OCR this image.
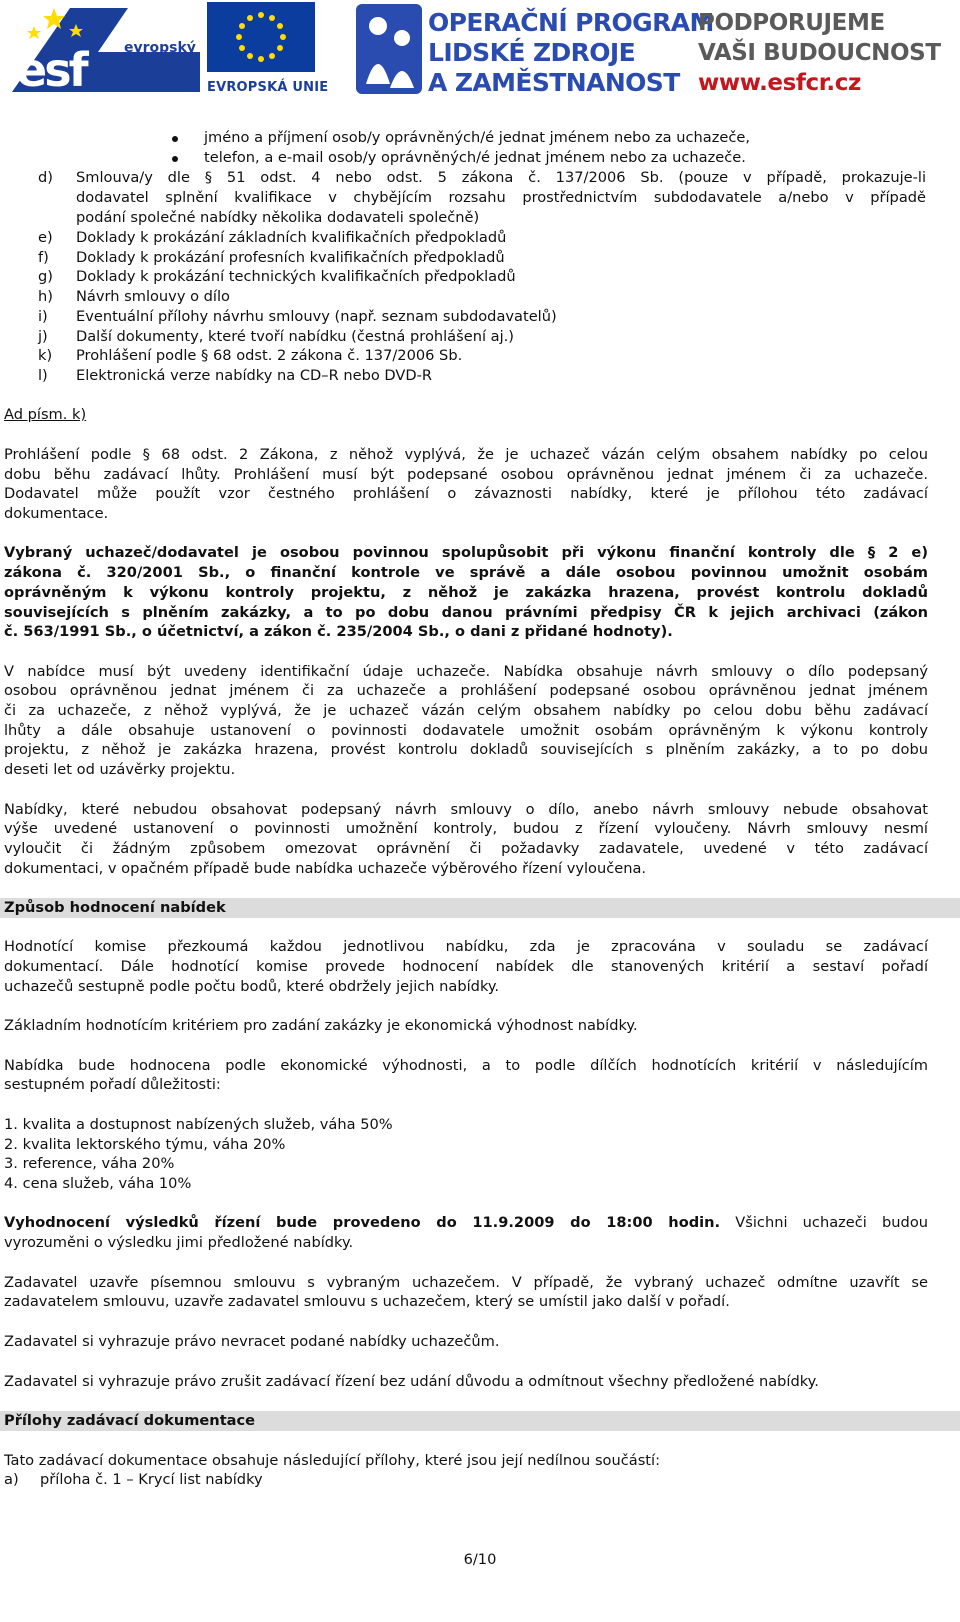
esf	evropský
sociální
fond v ČR	EVROPSKÁ UNIE
OPERAČNÍ PROGRAM
LIDSKÉ ZDROJE
A ZAMĚSTNANOST
PODPORUJEME
VAŠI BUDOUCNOST
www.esfcr.cz
jméno a příjmení osob/y oprávněných/é jednat jménem nebo za uchazeče,
telefon, a e-mail osob/y oprávněných/é jednat jménem nebo za uchazeče.
d) Smlouva/y dle § 51 odst. 4 nebo odst. 5 zákona č. 137/2006 Sb. (pouze v případě, prokazuje-li
dodavatel splnění kvalifikace v chybějícím rozsahu prostřednictvím subdodavatele a/nebo v případě
podání společné nabídky několika dodavateli společně)
e) Doklady k prokázání základních kvalifikačních předpokladů
f) Doklady k prokázání profesních kvalifikačních předpokladů
g) Doklady k prokázání technických kvalifikačních předpokladů
h) Návrh smlouvy o dílo
i) Eventuální přílohy návrhu smlouvy (např. seznam subdodavatelů)
j) Další dokumenty, které tvoří nabídku (čestná prohlášení aj.)
k) Prohlášení podle § 68 odst. 2 zákona č. 137/2006 Sb.
l) Elektronická verze nabídky na CD–R nebo DVD-R
Ad písm. k)
Prohlášení podle § 68 odst. 2 Zákona, z něhož vyplývá, že je uchazeč vázán celým obsahem nabídky po celou
dobu běhu zadávací lhůty. Prohlášení musí být podepsané osobou oprávněnou jednat jménem či za uchazeče.
Dodavatel může použít vzor čestného prohlášení o závaznosti nabídky, které je přílohou této zadávací
dokumentace.
Vybraný uchazeč/dodavatel je osobou povinnou spolupůsobit při výkonu finanční kontroly dle § 2 e)
zákona č. 320/2001 Sb., o finanční kontrole ve správě a dále osobou povinnou umožnit osobám
oprávněným k výkonu kontroly projektu, z něhož je zakázka hrazena, provést kontrolu dokladů
souvisejících s plněním zakázky, a to po dobu danou právními předpisy ČR k jejich archivaci (zákon
č. 563/1991 Sb., o účetnictví, a zákon č. 235/2004 Sb., o dani z přidané hodnoty).
V nabídce musí být uvedeny identifikační údaje uchazeče. Nabídka obsahuje návrh smlouvy o dílo podepsaný
osobou oprávněnou jednat jménem či za uchazeče a prohlášení podepsané osobou oprávněnou jednat jménem
či za uchazeče, z něhož vyplývá, že je uchazeč vázán celým obsahem nabídky po celou dobu běhu zadávací
lhůty a dále obsahuje ustanovení o povinnosti dodavatele umožnit osobám oprávněným k výkonu kontroly
projektu, z něhož je zakázka hrazena, provést kontrolu dokladů souvisejících s plněním zakázky, a to po dobu
deseti let od uzávěrky projektu.
Nabídky, které nebudou obsahovat podepsaný návrh smlouvy o dílo, anebo návrh smlouvy nebude obsahovat
výše uvedené ustanovení o povinnosti umožnění kontroly, budou z řízení vyloučeny. Návrh smlouvy nesmí
vyloučit či žádným způsobem omezovat oprávnění či požadavky zadavatele, uvedené v této zadávací
dokumentaci, v opačném případě bude nabídka uchazeče výběrového řízení vyloučena.
Způsob hodnocení nabídek
Hodnotící komise přezkoumá každou jednotlivou nabídku, zda je zpracována v souladu se zadávací
dokumentací. Dále hodnotící komise provede hodnocení nabídek dle stanovených kritérií a sestaví pořadí
uchazečů sestupně podle počtu bodů, které obdržely jejich nabídky.
Základním hodnotícím kritériem pro zadání zakázky je ekonomická výhodnost nabídky.
Nabídka bude hodnocena podle ekonomické výhodnosti, a to podle dílčích hodnotících kritérií v následujícím
sestupném pořadí důležitosti:
1. kvalita a dostupnost nabízených služeb, váha 50%
2. kvalita lektorského týmu, váha 20%
3. reference, váha 20%
4. cena služeb, váha 10%
Vyhodnocení výsledků řízení bude provedeno do 11.9.2009 do 18:00 hodin. Všichni uchazeči budou
vyrozuměni o výsledku jimi předložené nabídky.
Zadavatel uzavře písemnou smlouvu s vybraným uchazečem. V případě, že vybraný uchazeč odmítne uzavřít se
zadavatelem smlouvu, uzavře zadavatel smlouvu s uchazečem, který se umístil jako další v pořadí.
Zadavatel si vyhrazuje právo nevracet podané nabídky uchazečům.
Zadavatel si vyhrazuje právo zrušit zadávací řízení bez udání důvodu a odmítnout všechny předložené nabídky.
Přílohy zadávací dokumentace
Tato zadávací dokumentace obsahuje následující přílohy, které jsou její nedílnou součástí:
a) příloha č. 1 – Krycí list nabídky
6/10
